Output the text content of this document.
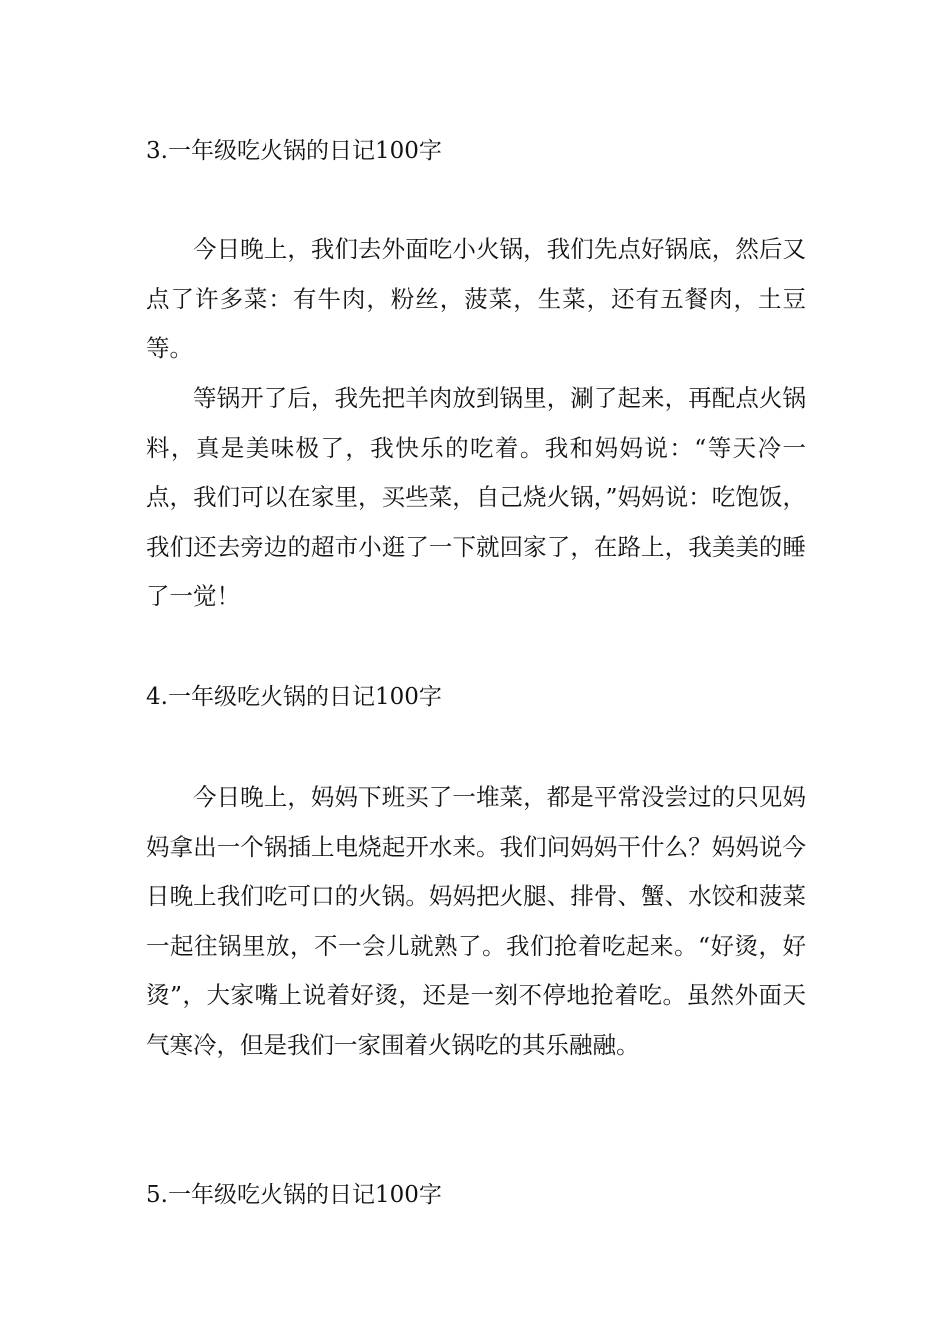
3.一年级吃火锅的日记100字

今日晚上，我们去外面吃小火锅，我们先点好锅底，然后又点了许多菜：有牛肉，粉丝，菠菜，生菜，还有五餐肉，土豆等。

等锅开了后，我先把羊肉放到锅里，涮了起来，再配点火锅料，真是美味极了，我快乐的吃着。我和妈妈说：“等天冷一点，我们可以在家里，买些菜，自己烧火锅，”妈妈说：吃饱饭，我们还去旁边的超市小逛了一下就回家了，在路上，我美美的睡了一觉！

4.一年级吃火锅的日记100字

今日晚上，妈妈下班买了一堆菜，都是平常没尝过的只见妈妈拿出一个锅插上电烧起开水来。我们问妈妈干什么？妈妈说今日晚上我们吃可口的火锅。妈妈把火腿、排骨、蟹、水饺和菠菜一起往锅里放，不一会儿就熟了。我们抢着吃起来。“好烫，好烫”，大家嘴上说着好烫，还是一刻不停地抢着吃。虽然外面天气寒冷，但是我们一家围着火锅吃的其乐融融。

5.一年级吃火锅的日记100字
